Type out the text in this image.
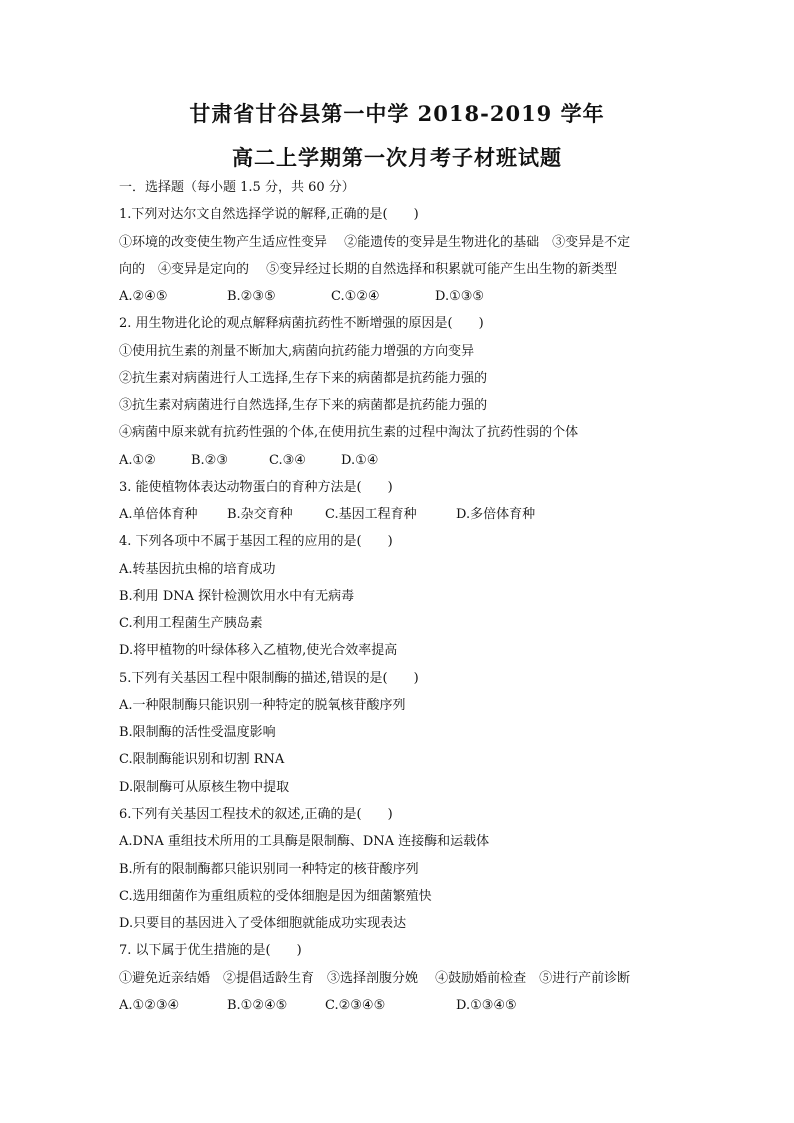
甘肃省甘谷县第一中学 2018-2019 学年
高二上学期第一次月考子材班试题
一．选择题（每小题 1.5 分，共 60 分）
1.下列对达尔文自然选择学说的解释,正确的是(　　)
①环境的改变使生物产生适应性变异　 ②能遗传的变异是生物进化的基础　③变异是不定
向的　④变异是定向的　 ⑤变异经过长期的自然选择和积累就可能产生出生物的新类型
A.②④⑤	B.②③⑤	C.①②④	D.①③⑤
2. 用生物进化论的观点解释病菌抗药性不断增强的原因是(　　)
①使用抗生素的剂量不断加大,病菌向抗药能力增强的方向变异
②抗生素对病菌进行人工选择,生存下来的病菌都是抗药能力强的
③抗生素对病菌进行自然选择,生存下来的病菌都是抗药能力强的
④病菌中原来就有抗药性强的个体,在使用抗生素的过程中淘汰了抗药性弱的个体
A.①②	B.②③	C.③④	D.①④
3. 能使植物体表达动物蛋白的育种方法是(　　)
A.单倍体育种	B.杂交育种	C.基因工程育种	D.多倍体育种
4. 下列各项中不属于基因工程的应用的是(　　)
A.转基因抗虫棉的培育成功
B.利用 DNA 探针检测饮用水中有无病毒
C.利用工程菌生产胰岛素
D.将甲植物的叶绿体移入乙植物,使光合效率提高
5.下列有关基因工程中限制酶的描述,错误的是(　　)
A.一种限制酶只能识别一种特定的脱氧核苷酸序列
B.限制酶的活性受温度影响
C.限制酶能识别和切割 RNA
D.限制酶可从原核生物中提取
6.下列有关基因工程技术的叙述,正确的是(　　)
A.DNA 重组技术所用的工具酶是限制酶、DNA 连接酶和运载体
B.所有的限制酶都只能识别同一种特定的核苷酸序列
C.选用细菌作为重组质粒的受体细胞是因为细菌繁殖快
D.只要目的基因进入了受体细胞就能成功实现表达
7. 以下属于优生措施的是(　　)
①避免近亲结婚　②提倡适龄生育　③选择剖腹分娩　 ④鼓励婚前检查　⑤进行产前诊断
A.①②③④	B.①②④⑤	C.②③④⑤	D.①③④⑤
